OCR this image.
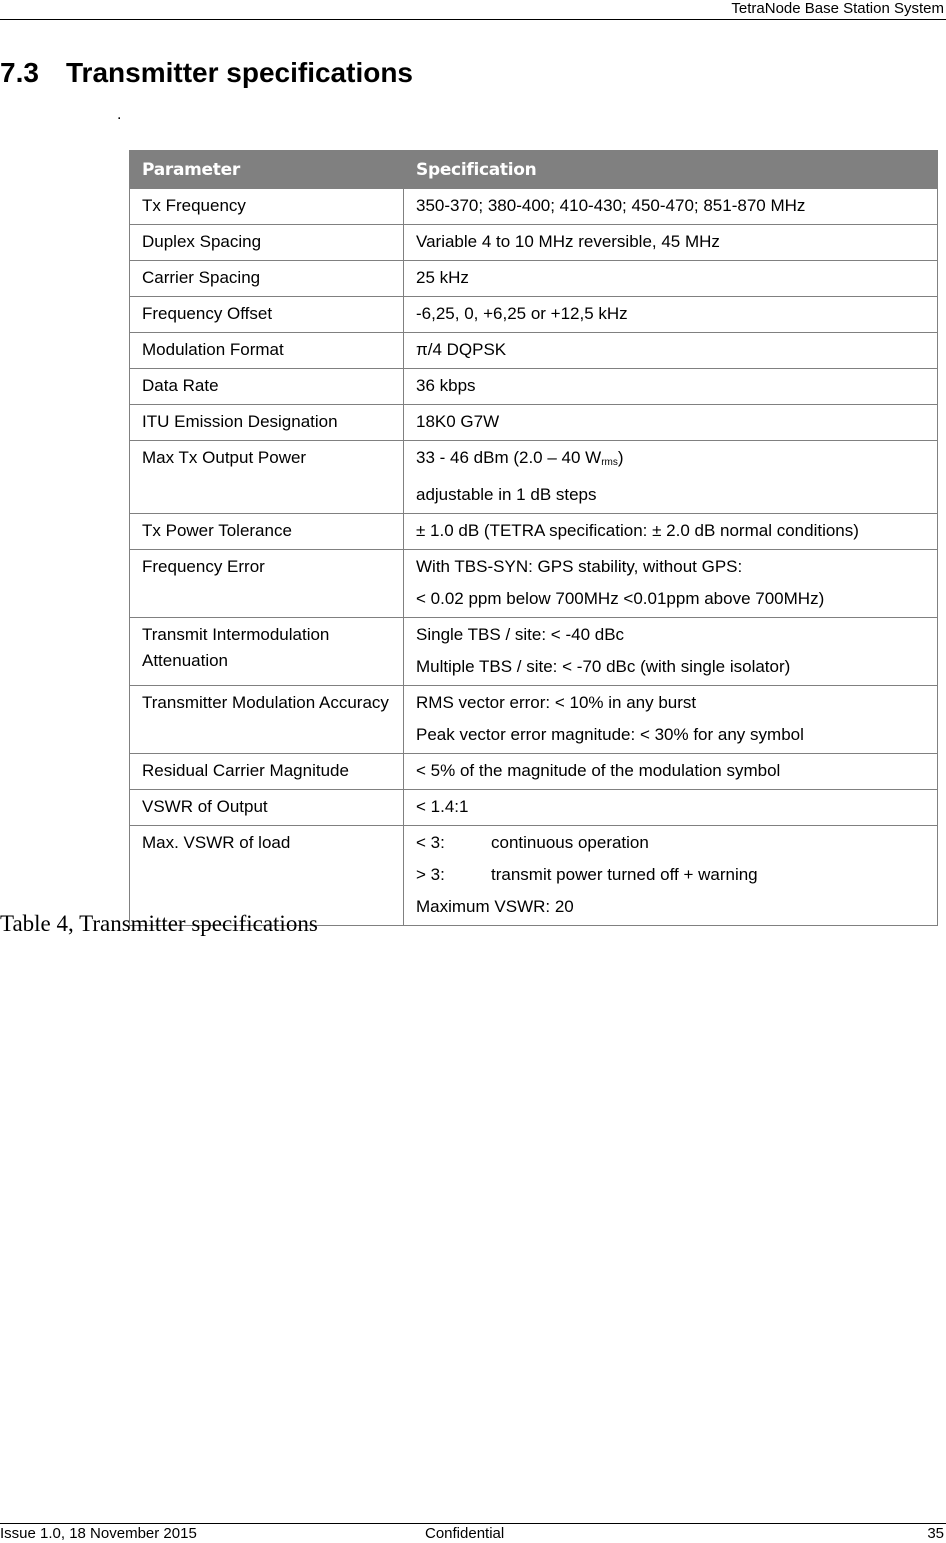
TetraNode Base Station System
7.3 Transmitter specifications
.
Parameter	Specification
Tx Frequency	350-370; 380-400; 410-430; 450-470; 851-870 MHz

Duplex Spacing	Variable 4 to 10 MHz reversible, 45 MHz

Carrier Spacing	25 kHz

Frequency Offset	-6,25, 0, +6,25 or +12,5 kHz

Modulation Format	π/4 DQPSK

Data Rate	36 kbps

ITU Emission Designation	18K0 G7W

Max Tx Output Power	33 - 46 dBm (2.0 – 40 $W_{rms}$)
adjustable in 1 dB steps

Tx Power Tolerance	± 1.0 dB (TETRA specification: ± 2.0 dB normal conditions)

Frequency Error	With TBS-SYN: GPS stability, without GPS:
< 0.02 ppm below 700MHz <0.01ppm above 700MHz)

Transmit Intermodulation Attenuation	Single TBS / site: < -40 dBc
Multiple TBS / site: < -70 dBc (with single isolator)

Transmitter Modulation Accuracy	RMS vector error: < 10% in any burst
Peak vector error magnitude: < 30% for any symbol

Residual Carrier Magnitude	< 5% of the magnitude of the modulation symbol

VSWR of Output	< 1.4:1

Max. VSWR of load	< 3: continuous operation
> 3: transmit power turned off + warning
Maximum VSWR: 20
Table 4, Transmitter specifications
Issue 1.0, 18 November 2015	Confidential	35
